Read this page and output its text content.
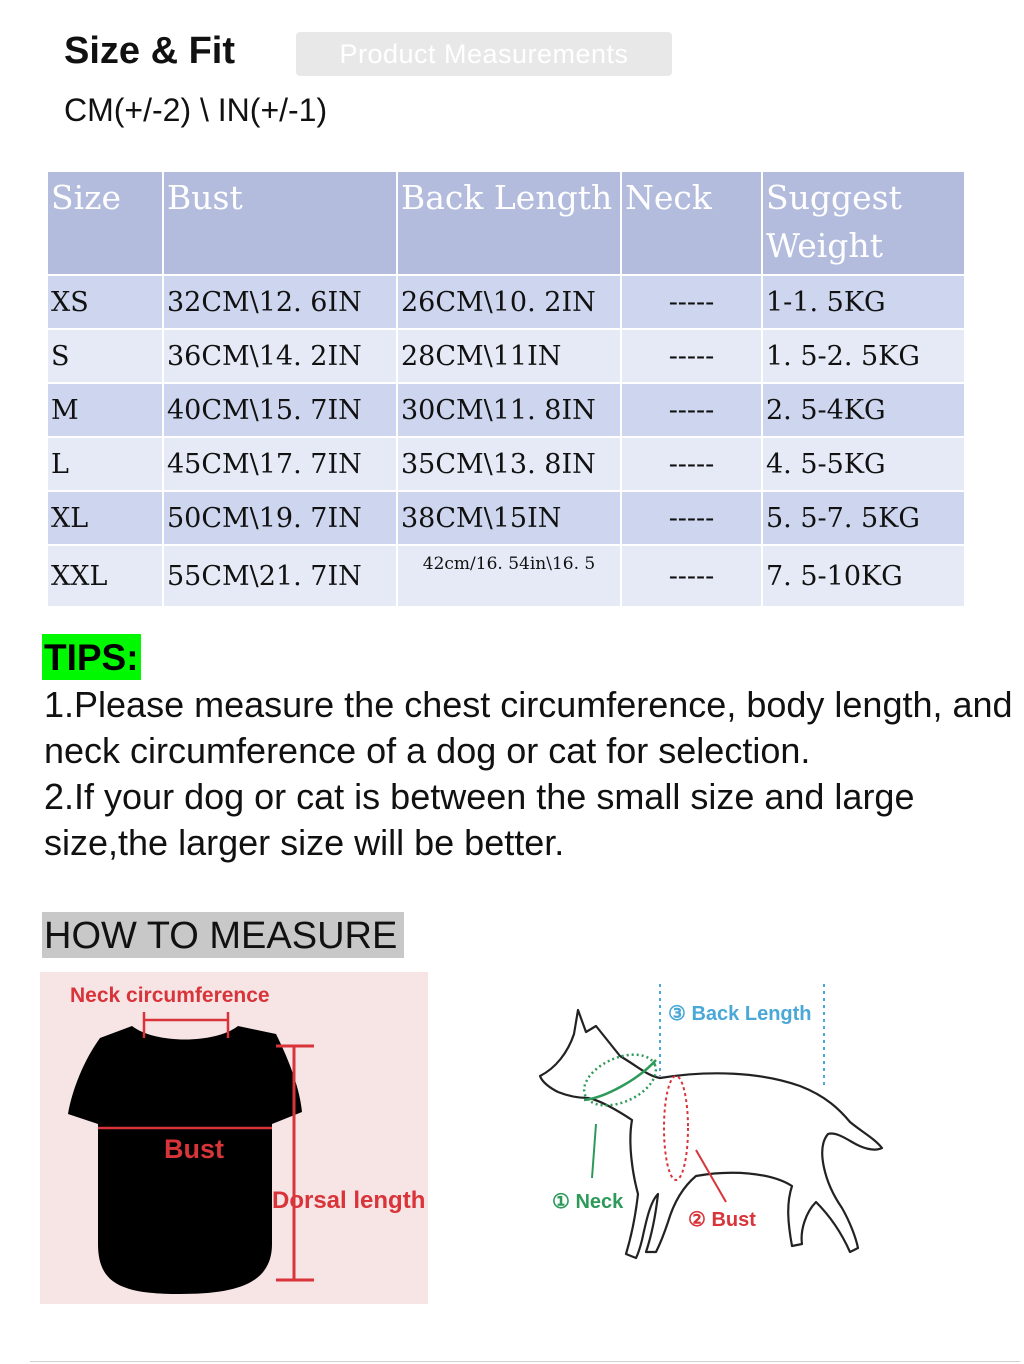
Size & Fit	Product Measurements
CM(+/-2) \ IN(+/-1)
Size	Bust	Back Length	Neck	Suggest Weight
XS	32CM\12. 6IN	26CM\10. 2IN	-----	1-1. 5KG
S	36CM\14. 2IN	28CM\11IN	-----	1. 5-2. 5KG
M	40CM\15. 7IN	30CM\11. 8IN	-----	2. 5-4KG
L	45CM\17. 7IN	35CM\13. 8IN	-----	4. 5-5KG
XL	50CM\19. 7IN	38CM\15IN	-----	5. 5-7. 5KG
XXL	55CM\21. 7IN	42cm/16. 54in\16. 5	-----	7. 5-10KG
TIPS:

1.Please measure the chest circumference, body length, and neck circumference of a dog or cat for selection.

2.If your dog or cat is between the small size and large size,the larger size will be better.

HOW TO MEASURE
Neck circumference
Bust
Dorsal length
③ Back Length
① Neck
② Bust
